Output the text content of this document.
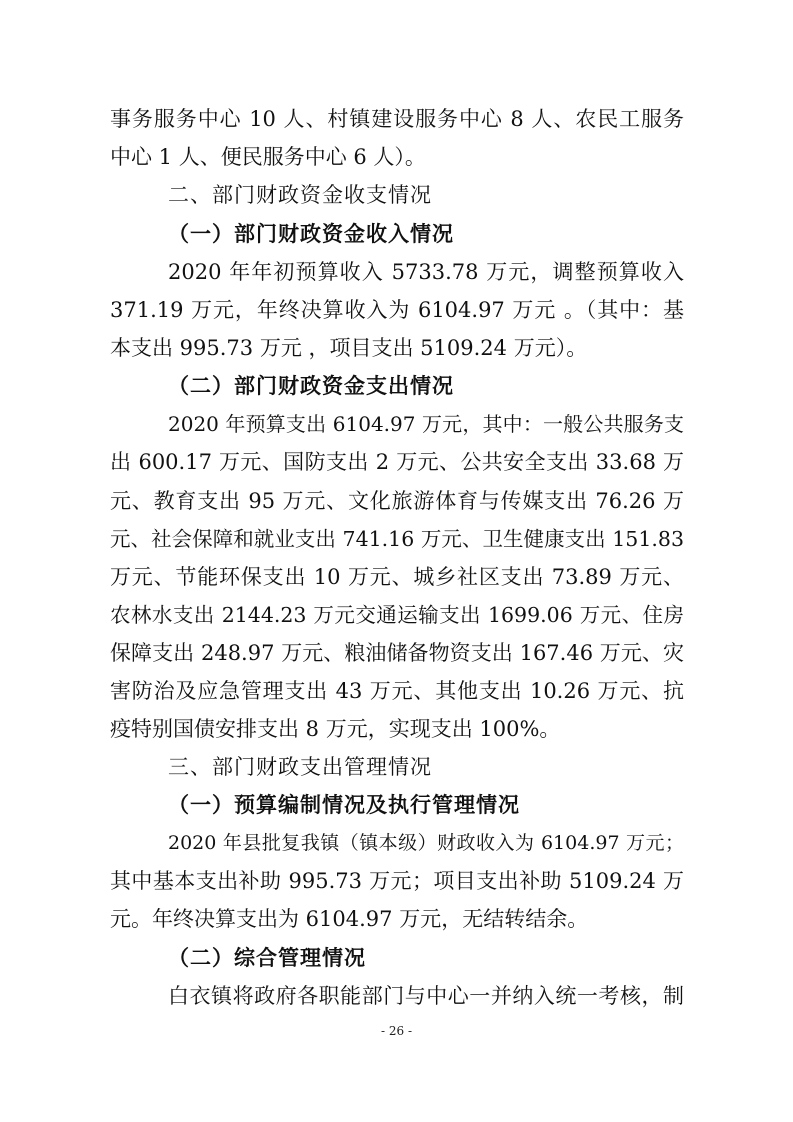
事务服务中心 10 人、村镇建设服务中心 8 人、农民工服务
中心 1 人、便民服务中心 6 人）。
二、部门财政资金收支情况
（一）部门财政资金收入情况
2020 年年初预算收入 5733.78 万元，调整预算收入
371.19 万元，年终决算收入为 6104.97 万元 。（其中：基
本支出 995.73 万元 ，项目支出 5109.24 万元）。
（二）部门财政资金支出情况
2020 年预算支出 6104.97 万元，其中：一般公共服务支
出 600.17 万元、国防支出 2 万元、公共安全支出 33.68 万
元、教育支出 95 万元、文化旅游体育与传媒支出 76.26 万
元、社会保障和就业支出 741.16 万元、卫生健康支出 151.83
万元、节能环保支出 10 万元、城乡社区支出 73.89 万元、
农林水支出 2144.23 万元交通运输支出 1699.06 万元、住房
保障支出 248.97 万元、粮油储备物资支出 167.46 万元、灾
害防治及应急管理支出 43 万元、其他支出 10.26 万元、抗
疫特别国债安排支出 8 万元，实现支出 100%。
三、部门财政支出管理情况
（一）预算编制情况及执行管理情况
2020 年县批复我镇（镇本级）财政收入为 6104.97 万元；
其中基本支出补助 995.73 万元；项目支出补助 5109.24 万
元。年终决算支出为 6104.97 万元，无结转结余。
（二）综合管理情况
白衣镇将政府各职能部门与中心一并纳入统一考核，制
- 26 -
